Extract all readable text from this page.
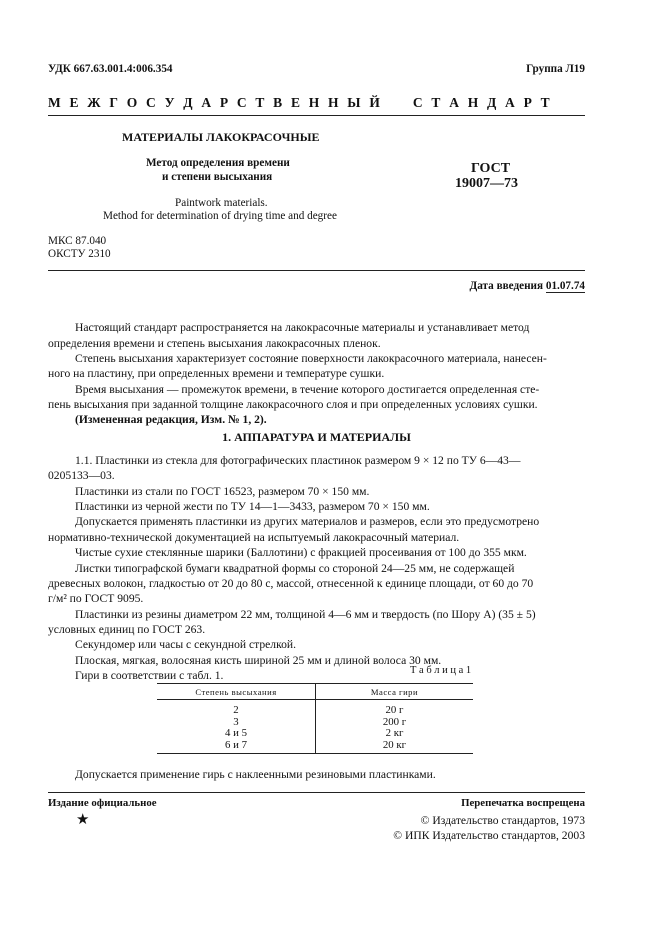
УДК 667.63.001.4:006.354	Группа Л19
М Е Ж Г О С У Д А Р С Т В Е Н Н Ы Й     С Т А Н Д А Р Т
МАТЕРИАЛЫ ЛАКОКРАСОЧНЫЕ
Метод определения времени
и степени высыхания
Paintwork materials.
Method for determination of drying time and degree
ГОСТ
19007—73
МКС 87.040
ОКСТУ 2310
Дата введения 01.07.74
Настоящий стандарт распространяется на лакокрасочные материалы и устанавливает метод
определения времени и степень высыхания лакокрасочных пленок.
Степень высыхания характеризует состояние поверхности лакокрасочного материала, нанесен-
ного на пластину, при определенных времени и температуре сушки.
Время высыхания — промежуток времени, в течение которого достигается определенная сте-
пень высыхания при заданной толщине лакокрасочного слоя и при определенных условиях сушки.
(Измененная редакция, Изм. № 1, 2).
1. АППАРАТУРА И МАТЕРИАЛЫ
1.1. Пластинки из стекла для фотографических пластинок размером 9 × 12 по ТУ 6—43—
0205133—03.
Пластинки из стали по ГОСТ 16523, размером 70 × 150 мм.
Пластинки из черной жести по ТУ 14—1—3433, размером 70 × 150 мм.
Допускается применять пластинки из других материалов и размеров, если это предусмотрено
нормативно-технической документацией на испытуемый лакокрасочный материал.
Чистые сухие стеклянные шарики (Баллотини) с фракцией просеивания от 100 до 355 мкм.
Листки типографской бумаги квадратной формы со стороной 24—25 мм, не содержащей
древесных волокон, гладкостью от 20 до 80 с, массой, отнесенной к единице площади, от 60 до 70
г/м² по ГОСТ 9095.
Пластинки из резины диаметром 22 мм, толщиной 4—6 мм и твердость (по Шору А) (35 ± 5)
условных единиц по ГОСТ 263.
Секундомер или часы с секундной стрелкой.
Плоская, мягкая, волосяная кисть шириной 25 мм и длиной волоса 30 мм.
Гири в соответствии с табл. 1.	Т а б л и ц а 1
Степень высыхания	Масса гири
2	20 г
3	200 г
4 и 5	2 кг
6 и 7	20 кг
Допускается применение гирь с наклеенными резиновыми пластинками.
Издание официальное	Перепечатка воспрещена
★	© Издательство стандартов, 1973
© ИПК Издательство стандартов, 2003
